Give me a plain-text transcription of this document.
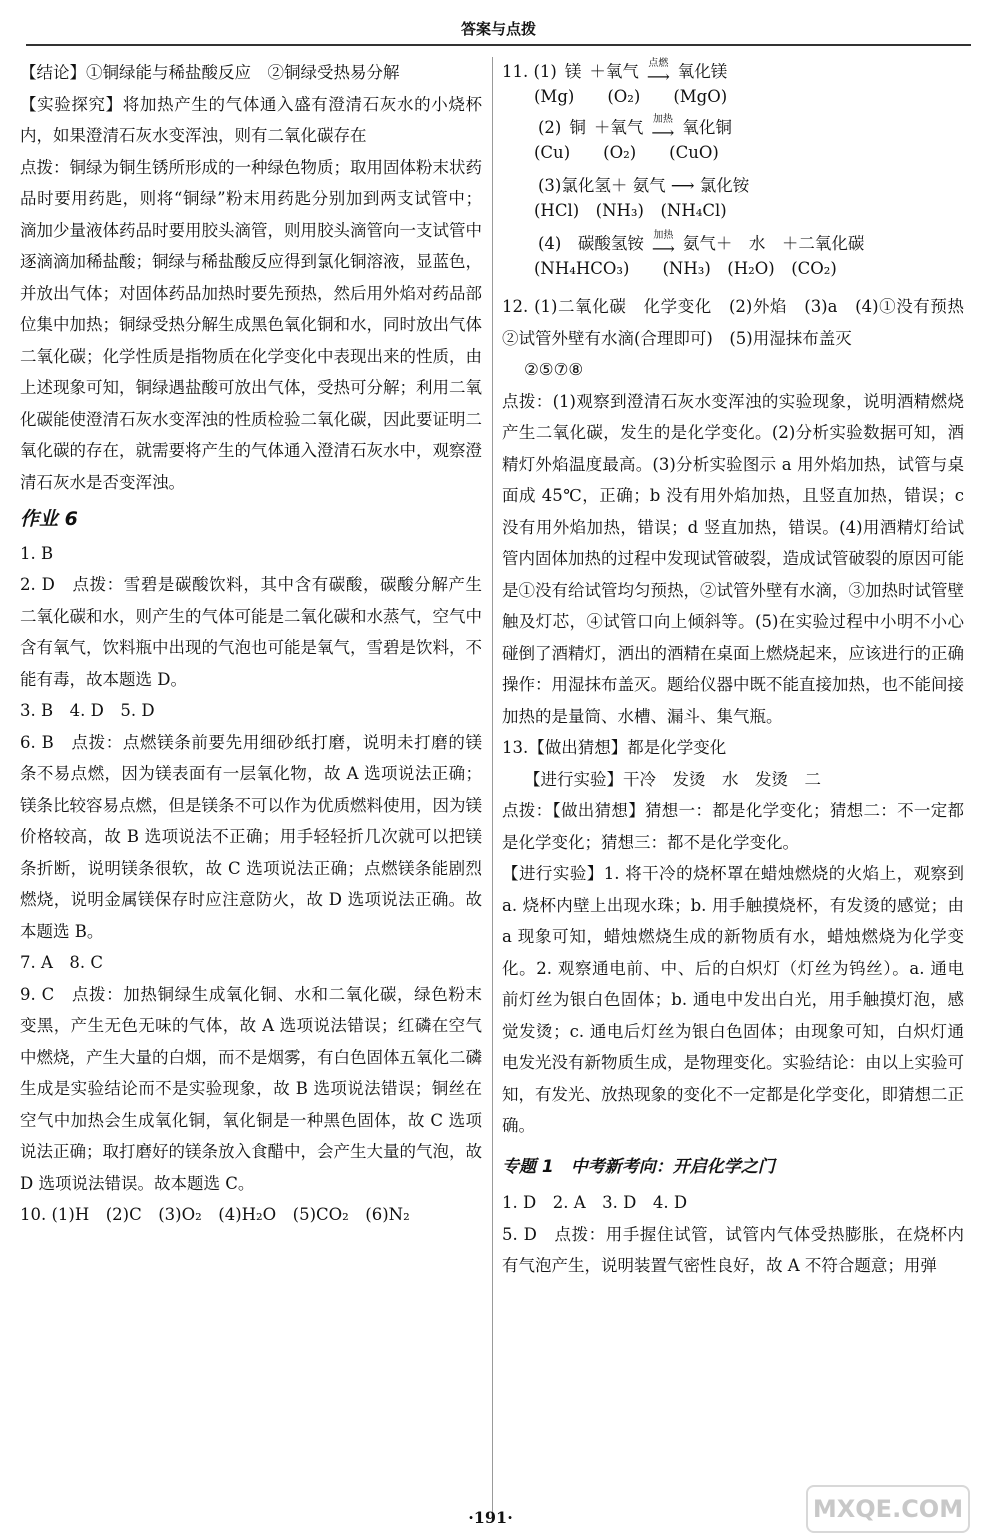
答案与点拨

【结论】①铜绿能与稀盐酸反应　②铜绿受热易分解

【实验探究】将加热产生的气体通入盛有澄清石灰水的小烧杯内，如果澄清石灰水变浑浊，则有二氧化碳存在

点拨：铜绿为铜生锈所形成的一种绿色物质；取用固体粉末状药品时要用药匙，则将“铜绿”粉末用药匙分别加到两支试管中；滴加少量液体药品时要用胶头滴管，则用胶头滴管向一支试管中逐滴滴加稀盐酸；铜绿与稀盐酸反应得到氯化铜溶液，显蓝色，并放出气体；对固体药品加热时要先预热，然后用外焰对药品部位集中加热；铜绿受热分解生成黑色氧化铜和水，同时放出气体二氧化碳；化学性质是指物质在化学变化中表现出来的性质，由上述现象可知，铜绿遇盐酸可放出气体，受热可分解；利用二氧化碳能使澄清石灰水变浑浊的性质检验二氧化碳，因此要证明二氧化碳的存在，就需要将产生的气体通入澄清石灰水中，观察澄清石灰水是否变浑浊。

作业 6

1. B

2. D　点拨：雪碧是碳酸饮料，其中含有碳酸，碳酸分解产生二氧化碳和水，则产生的气体可能是二氧化碳和水蒸气，空气中含有氧气，饮料瓶中出现的气泡也可能是氧气，雪碧是饮料，不能有毒，故本题选 D。

3. B　4. D　5. D

6. B　点拨：点燃镁条前要先用细砂纸打磨，说明未打磨的镁条不易点燃，因为镁表面有一层氧化物，故 A 选项说法正确；镁条比较容易点燃，但是镁条不可以作为优质燃料使用，因为镁价格较高，故 B 选项说法不正确；用手轻轻折几次就可以把镁条折断，说明镁条很软，故 C 选项说法正确；点燃镁条能剧烈燃烧，说明金属镁保存时应注意防火，故 D 选项说法正确。故本题选 B。

7. A　8. C

9. C　点拨：加热铜绿生成氧化铜、水和二氧化碳，绿色粉末变黑，产生无色无味的气体，故 A 选项说法错误；红磷在空气中燃烧，产生大量的白烟，而不是烟雾，有白色固体五氧化二磷生成是实验结论而不是实验现象，故 B 选项说法错误；铜丝在空气中加热会生成氧化铜，氧化铜是一种黑色固体，故 C 选项说法正确；取打磨好的镁条放入食醋中，会产生大量的气泡，故 D 选项说法错误。故本题选 C。

10. (1)H　(2)C　(3)O₂　(4)H₂O　(5)CO₂　(6)N₂

11. (1) 镁 ＋氧气 点燃
⟶ 氧化镁

(Mg)　　(O₂)　　(MgO)

(2) 铜 ＋氧气 加热
⟶ 氧化铜

(Cu)　　(O₂)　　(CuO)

(3)氯化氢＋ 氨气 ⟶ 氯化铵

(HCl)　(NH₃)　(NH₄Cl)

(4)　碳酸氢铵 加热
⟶ 氨气＋　水　＋二氧化碳

(NH₄HCO₃)　　(NH₃)　(H₂O)　(CO₂)

12. (1)二氧化碳　化学变化　(2)外焰　(3)a　(4)①没有预热　②试管外壁有水滴(合理即可)　(5)用湿抹布盖灭

②⑤⑦⑧

点拨：(1)观察到澄清石灰水变浑浊的实验现象，说明酒精燃烧产生二氧化碳，发生的是化学变化。(2)分析实验数据可知，酒精灯外焰温度最高。(3)分析实验图示 a 用外焰加热，试管与桌面成 45℃，正确；b 没有用外焰加热，且竖直加热，错误；c 没有用外焰加热，错误；d 竖直加热，错误。(4)用酒精灯给试管内固体加热的过程中发现试管破裂，造成试管破裂的原因可能是①没有给试管均匀预热，②试管外壁有水滴，③加热时试管壁触及灯芯，④试管口向上倾斜等。(5)在实验过程中小明不小心碰倒了酒精灯，洒出的酒精在桌面上燃烧起来，应该进行的正确操作：用湿抹布盖灭。题给仪器中既不能直接加热，也不能间接加热的是量筒、水槽、漏斗、集气瓶。

13.【做出猜想】都是化学变化

【进行实验】干冷　发烫　水　发烫　二

点拨：【做出猜想】猜想一：都是化学变化；猜想二：不一定都是化学变化；猜想三：都不是化学变化。

【进行实验】1. 将干冷的烧杯罩在蜡烛燃烧的火焰上，观察到 a. 烧杯内壁上出现水珠；b. 用手触摸烧杯，有发烫的感觉；由 a 现象可知，蜡烛燃烧生成的新物质有水，蜡烛燃烧为化学变化。2. 观察通电前、中、后的白炽灯（灯丝为钨丝）。a. 通电前灯丝为银白色固体；b. 通电中发出白光，用手触摸灯泡，感觉发烫；c. 通电后灯丝为银白色固体；由现象可知，白炽灯通电发光没有新物质生成，是物理变化。实验结论：由以上实验可知，有发光、放热现象的变化不一定都是化学变化，即猜想二正确。

专题 1　中考新考向：开启化学之门

1. D　2. A　3. D　4. D

5. D　点拨：用手握住试管，试管内气体受热膨胀，在烧杯内有气泡产生，说明装置气密性良好，故 A 不符合题意；用弹

·191·	MXQE.COM
